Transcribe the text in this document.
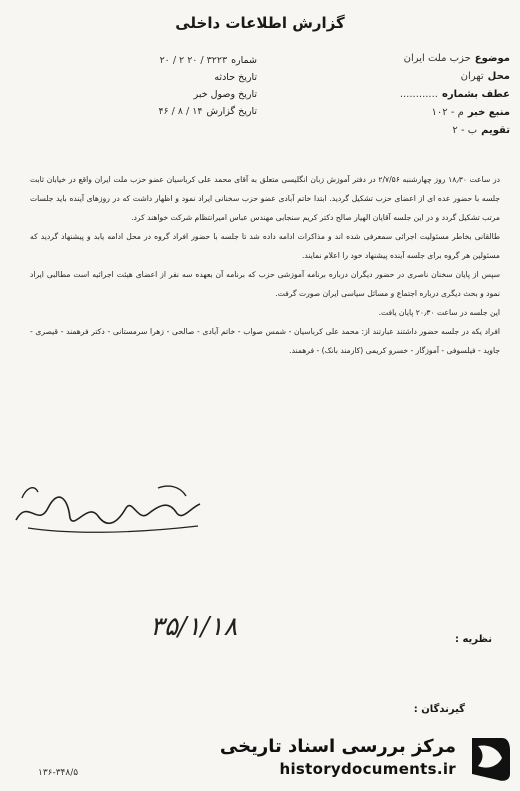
گزارش اطلاعات داخلی
موضوع
حزب ملت ایران
محل
تهران
عطف بشماره
............
منبع خبر
م - ۱۰۲
تقویم
ب - ۲
شماره
۳۲۲۳ / ۲۰ ۲ / ۲۰
تاریخ حادثه
تاریخ وصول خبر
تاریخ گزارش
۱۴ / ۸ / ۴۶

در ساعت ۱۸٫۳۰ روز چهارشنبه ۲/۷/۵۶ در دفتر آموزش زبان انگلیسی متعلق به آقای محمد علی کرباسیان عضو حزب ملت ایران واقع در خیابان ثابت جلسه با حضور عده ای از اعضای حزب تشکیل گردید. ابتدا خاتم آبادی عضو حزب سخنانی ایراد نمود و اظهار داشت که در روزهای آینده باید جلسات مرتب تشکیل گردد و در این جلسه آقایان الهیار صالح دکتر کریم سنجابی مهندس عباس امیرانتظام شرکت خواهند کرد.

طالقانی بخاطر مسئولیت اجرائی سمعرفی شده اند و مذاکرات ادامه داده شد تا جلسه با حضور افراد گروه در محل ادامه یابد و پیشنهاد گردید که مسئولین هر گروه برای جلسه آینده پیشنهاد خود را اعلام نمایند.

سپس از پایان سخنان ناصری در حضور دیگران درباره برنامه آموزشی حزب که برنامه آن بعهده سه نفر از اعضای هیئت اجرائیه است مطالبی ایراد نمود و بحث دیگری درباره اجتماع و مسائل سیاسی ایران صورت گرفت.

این جلسه در ساعت ۲۰٫۳۰ پایان یافت.

افراد یکه در جلسه حضور داشتند عبارتند از: محمد علی کرباسیان - شمس صواب - خاتم آبادی - صالحی - زهرا سرمستانی - دکتر فرهمند - قیصری - جاوید - فیلسوفی - آموزگار - خسرو کریمی (کارمند بانک) - فرهمند.

۳۵/۱/۱۸	نظریه :
گیرندگان :
۱۳۶-۳۴۸/۵
مرکز بررسی اسناد تاریخی
historydocuments.ir
